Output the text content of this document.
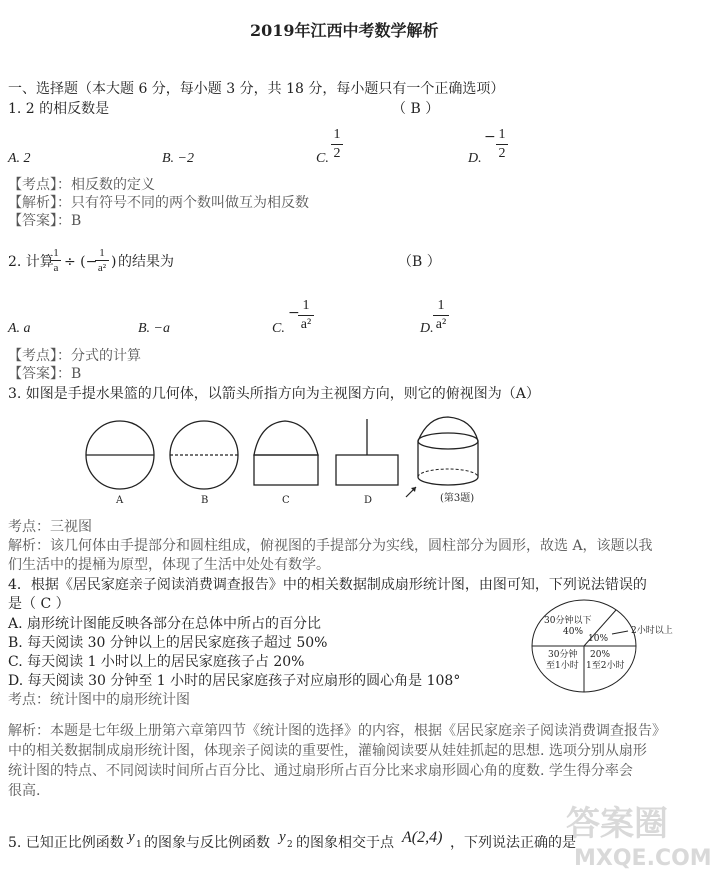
2019年江西中考数学解析
一、选择题（本大题 6 分，每小题 3 分，共 18 分，每小题只有一个正确选项）
1. 2 的相反数是	（ B ）
A. 2	B. −2	C.
1
2	D.
− 1
2
【考点】：相反数的定义
【解析】：只有符号不同的两个数叫做互为相反数
【答案】：B
2. 计算
1
a ÷ (−
1
a² ) 的结果为	（B ）
A. a	B. −a	C.
− 1
a²	D.
1
a²
【考点】：分式的计算
【答案】：B
3. 如图是手提水果篮的几何体，以箭头所指方向为主视图方向，则它的俯视图为（A）
A	B	C	D	(第3题)
考点：三视图
解析：该几何体由手提部分和圆柱组成，俯视图的手提部分为实线，圆柱部分为圆形，故选 A，该题以我
们生活中的提桶为原型，体现了生活中处处有数学。
4．根据《居民家庭亲子阅读消费调查报告》中的相关数据制成扇形统计图，由图可知，下列说法错误的
是（ C ）
A. 扇形统计图能反映各部分在总体中所占的百分比
B. 每天阅读 30 分钟以上的居民家庭孩子超过 50%
C. 每天阅读 1 小时以上的居民家庭孩子占 20%
D. 每天阅读 30 分钟至 1 小时的居民家庭孩子对应扇形的圆心角是 108°
考点：统计图中的扇形统计图
30分钟以下
40%
10%
2小时以上
30分钟
至1小时
20%
1至2小时
解析：本题是七年级上册第六章第四节《统计图的选择》的内容，根据《居民家庭亲子阅读消费调查报告》
中的相关数据制成扇形统计图，体现亲子阅读的重要性，灌输阅读要从娃娃抓起的思想. 选项分别从扇形
统计图的特点、不同阅读时间所占百分比、通过扇形所占百分比来求扇形圆心角的度数. 学生得分率会
很高.
5. 已知正比例函数 y 1 的图象与反比例函数 y 2 的图象相交于点 A(2,4) ，下列说法正确的是
答案圈
MXQE.COM
